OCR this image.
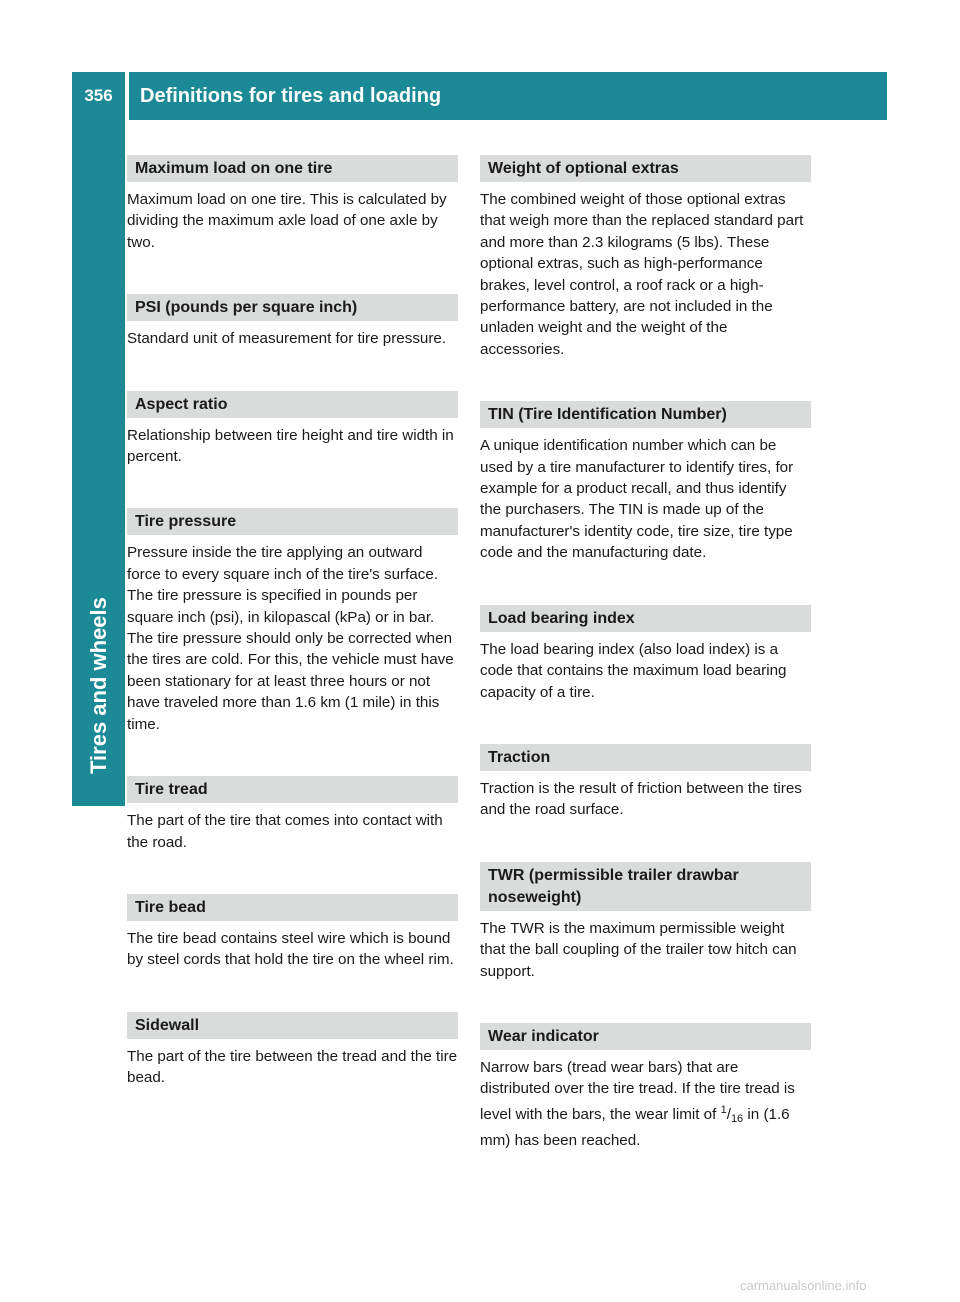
356	Definitions for tires and loading
Tires and wheels
Maximum load on one tire
Maximum load on one tire. This is calculated by dividing the maximum axle load of one axle by two.
PSI (pounds per square inch)
Standard unit of measurement for tire pressure.
Aspect ratio
Relationship between tire height and tire width in percent.
Tire pressure
Pressure inside the tire applying an outward force to every square inch of the tire's surface. The tire pressure is specified in pounds per square inch (psi), in kilopascal (kPa) or in bar. The tire pressure should only be corrected when the tires are cold. For this, the vehicle must have been stationary for at least three hours or not have traveled more than 1.6 km (1 mile) in this time.
Tire tread
The part of the tire that comes into contact with the road.
Tire bead
The tire bead contains steel wire which is bound by steel cords that hold the tire on the wheel rim.
Sidewall
The part of the tire between the tread and the tire bead.
Weight of optional extras
The combined weight of those optional extras that weigh more than the replaced standard part and more than 2.3 kilograms (5 lbs). These optional extras, such as high-performance brakes, level control, a roof rack or a high-performance battery, are not included in the unladen weight and the weight of the accessories.
TIN (Tire Identification Number)
A unique identification number which can be used by a tire manufacturer to identify tires, for example for a product recall, and thus identify the purchasers. The TIN is made up of the manufacturer's identity code, tire size, tire type code and the manufacturing date.
Load bearing index
The load bearing index (also load index) is a code that contains the maximum load bearing capacity of a tire.
Traction
Traction is the result of friction between the tires and the road surface.
TWR (permissible trailer drawbar noseweight)
The TWR is the maximum permissible weight that the ball coupling of the trailer tow hitch can support.
Wear indicator
Narrow bars (tread wear bars) that are distributed over the tire tread. If the tire tread is level with the bars, the wear limit of $^1/_{16}$ in (1.6 mm) has been reached.
carmanualsonline.info
